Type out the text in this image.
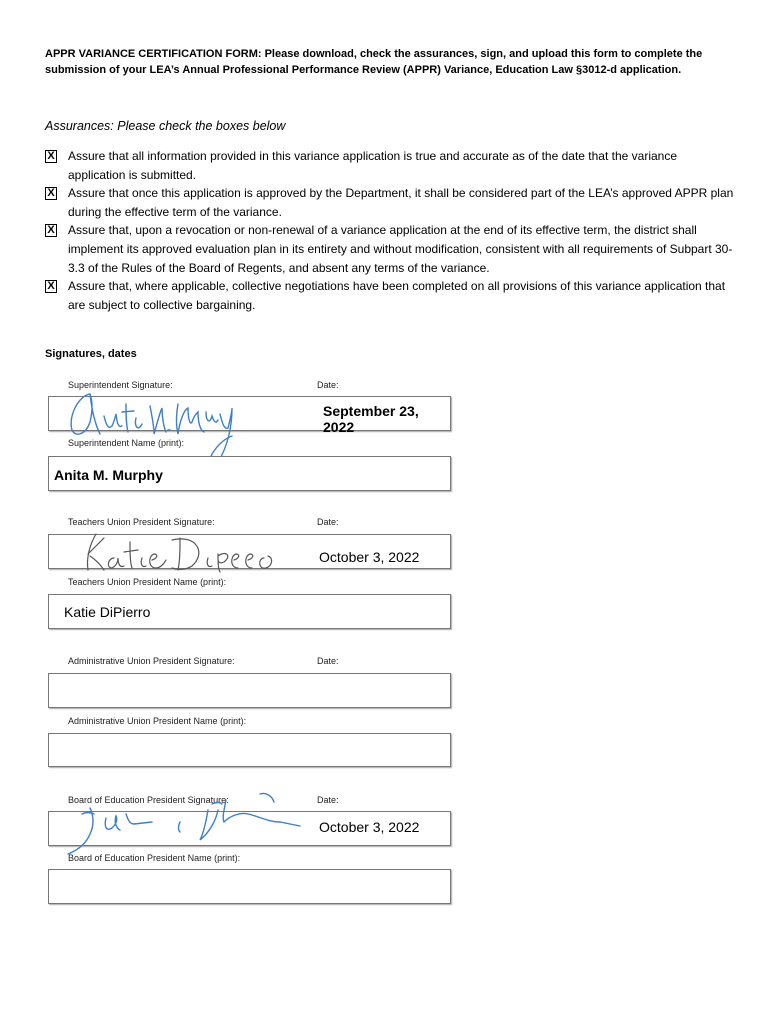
APPR VARIANCE CERTIFICATION FORM: Please download, check the assurances, sign, and upload this form to complete the submission of your LEA’s Annual Professional Performance Review (APPR) Variance, Education Law §3012-d application.
Assurances: Please check the boxes below
X Assure that all information provided in this variance application is true and accurate as of the date that the variance application is submitted.
X Assure that once this application is approved by the Department, it shall be considered part of the LEA’s approved APPR plan during the effective term of the variance.
X Assure that, upon a revocation or non-renewal of a variance application at the end of its effective term, the district shall implement its approved evaluation plan in its entirety and without modification, consistent with all requirements of Subpart 30-3.3 of the Rules of the Board of Regents, and absent any terms of the variance.
X Assure that, where applicable, collective negotiations have been completed on all provisions of this variance application that are subject to collective bargaining.
Signatures, dates
Superintendent Signature:	Date:
September 23, 2022
Superintendent Name (print):
Anita M. Murphy
Teachers Union President Signature:	Date:
October 3, 2022
Teachers Union President Name (print):
Katie DiPierro
Administrative Union President Signature:	Date:
Administrative Union President Name (print):
Board of Education President Signature:	Date:
October 3, 2022
Board of Education President Name (print):
